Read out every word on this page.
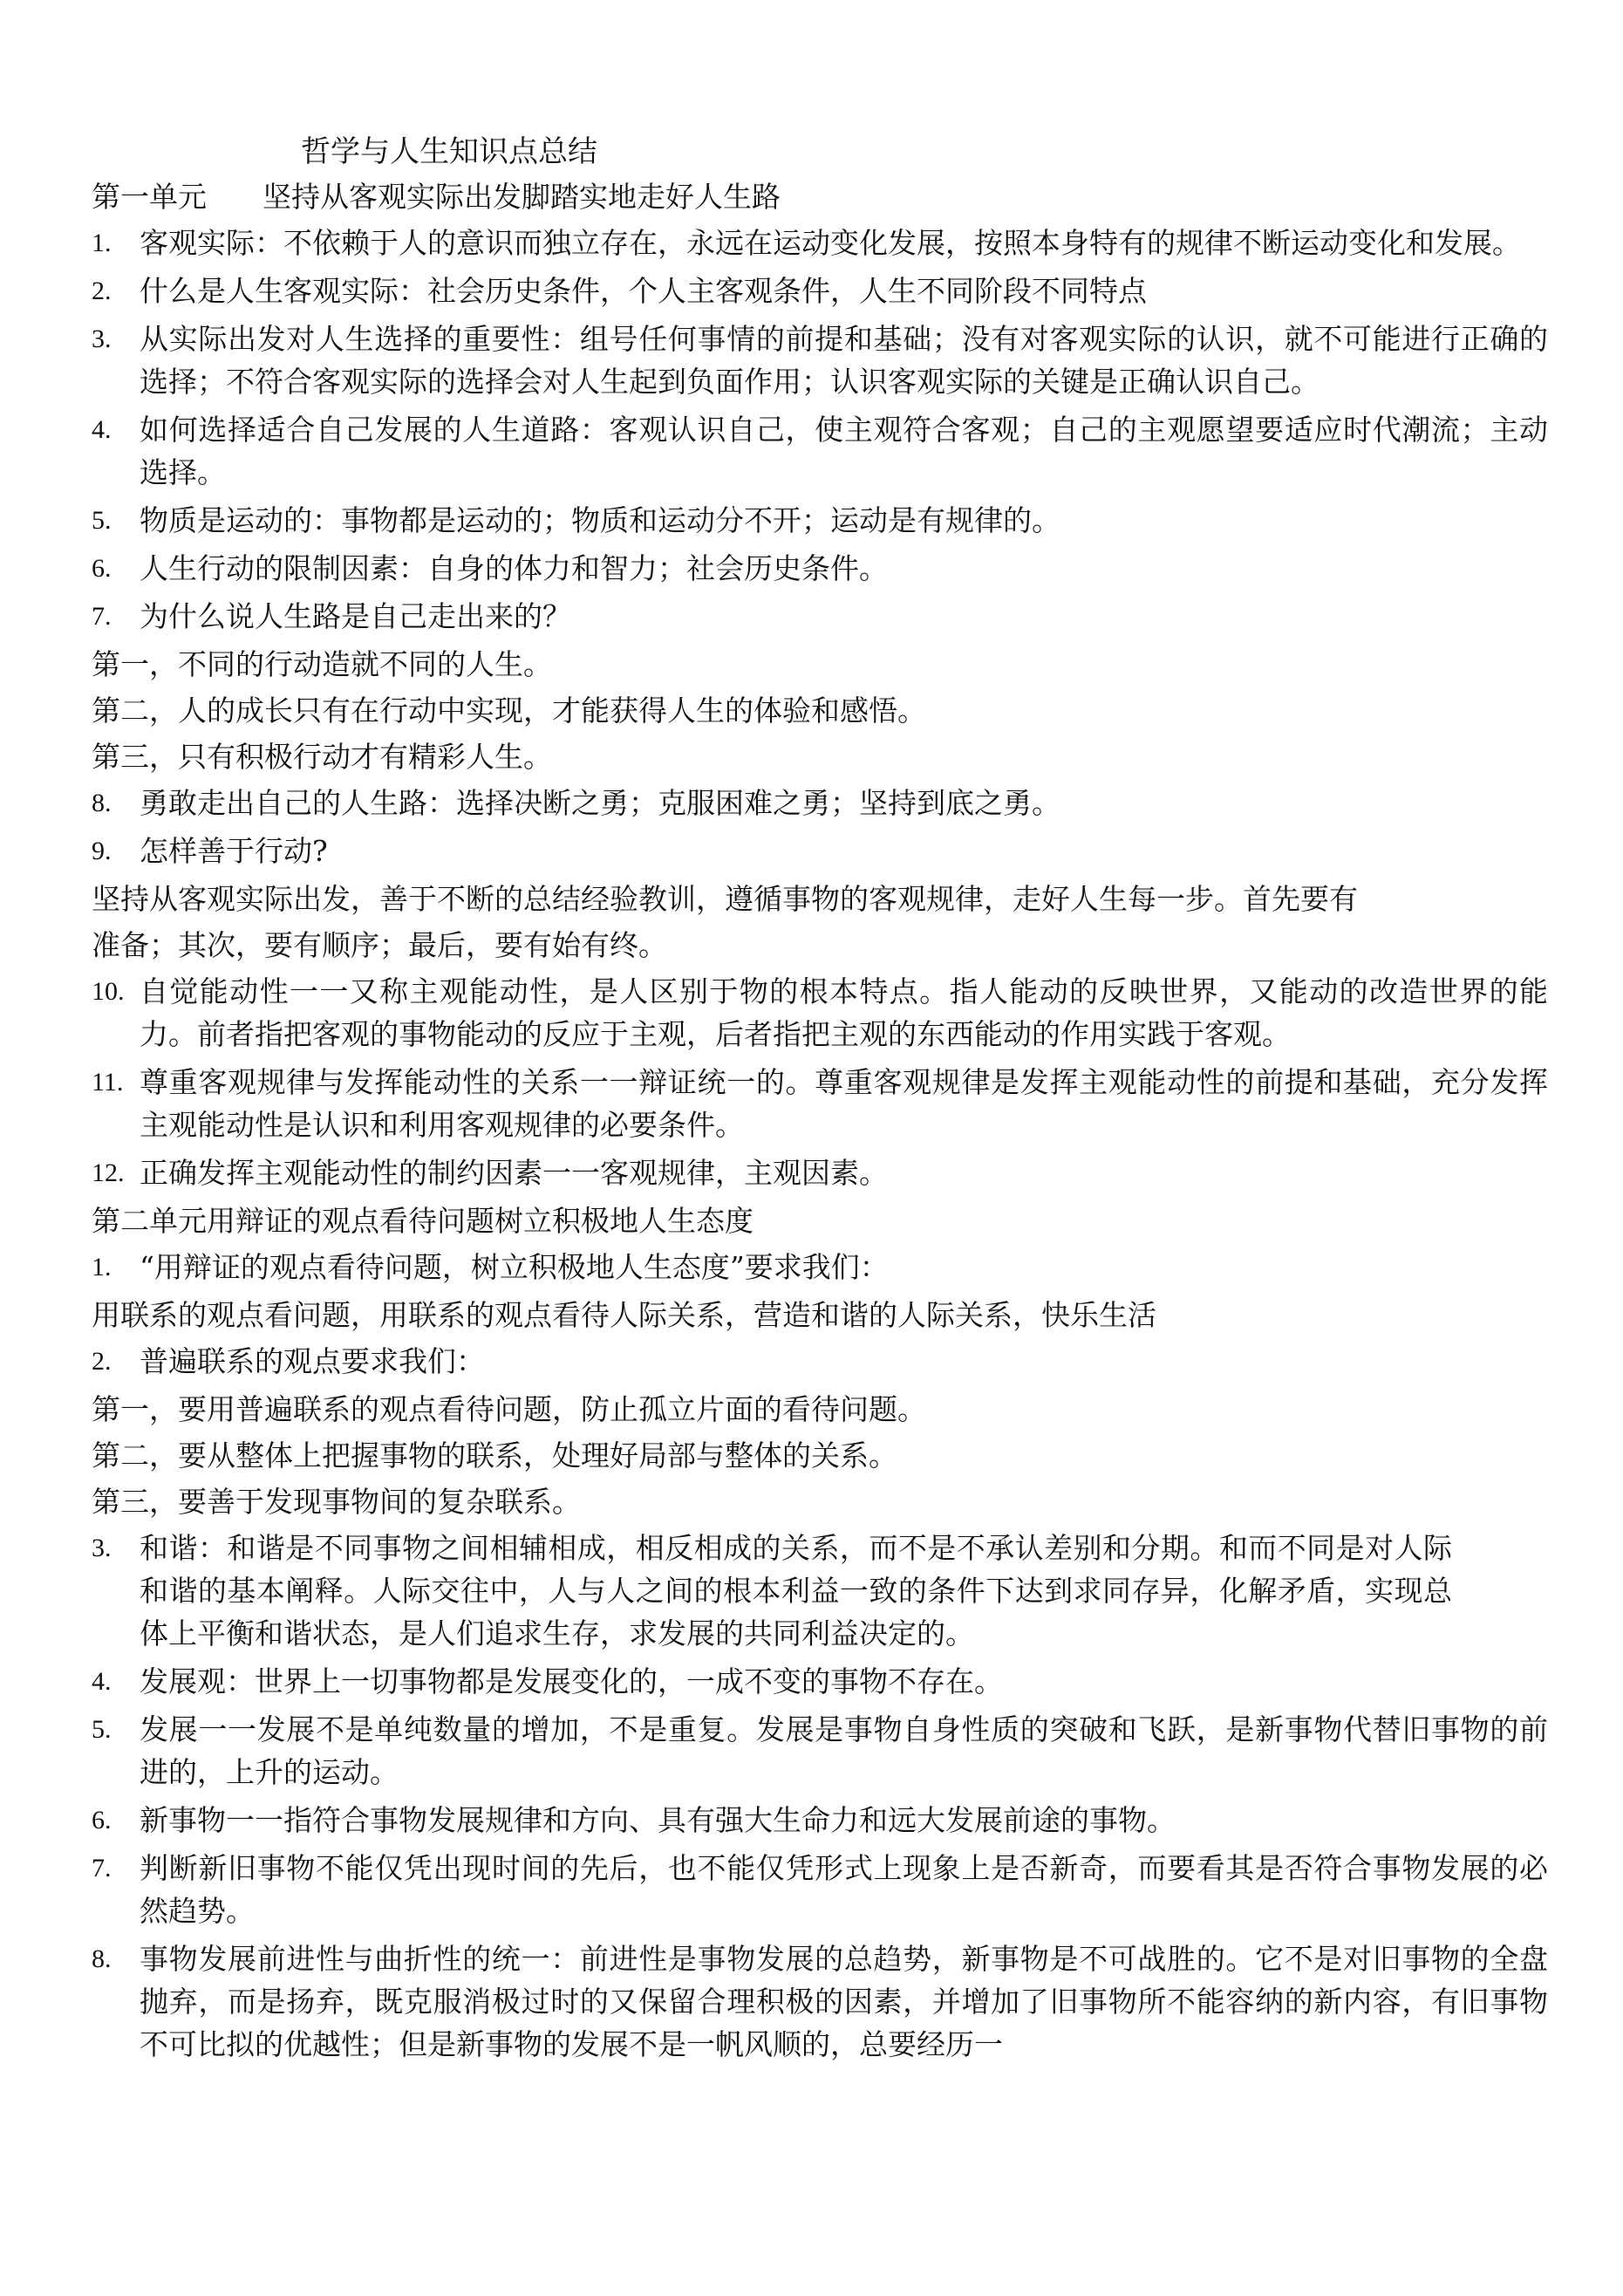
哲学与人生知识点总结
第一单元 坚持从客观实际出发脚踏实地走好人生路
1. 客观实际：不依赖于人的意识而独立存在，永远在运动变化发展，按照本身特有的规律不断运动变化和发展。
2. 什么是人生客观实际：社会历史条件，个人主客观条件，人生不同阶段不同特点
3. 从实际出发对人生选择的重要性：组号任何事情的前提和基础；没有对客观实际的认识，就不可能进行正确的选择；不符合客观实际的选择会对人生起到负面作用；认识客观实际的关键是正确认识自己。
4. 如何选择适合自己发展的人生道路：客观认识自己，使主观符合客观；自己的主观愿望要适应时代潮流；主动选择。
5. 物质是运动的：事物都是运动的；物质和运动分不开；运动是有规律的。
6. 人生行动的限制因素：自身的体力和智力；社会历史条件。
7. 为什么说人生路是自己走出来的？
第一，不同的行动造就不同的人生。
第二，人的成长只有在行动中实现，才能获得人生的体验和感悟。
第三，只有积极行动才有精彩人生。
8. 勇敢走出自己的人生路：选择决断之勇；克服困难之勇；坚持到底之勇。
9. 怎样善于行动?
坚持从客观实际出发，善于不断的总结经验教训，遵循事物的客观规律，走好人生每一步。首先要有
准备；其次，要有顺序；最后，要有始有终。
10. 自觉能动性一一又称主观能动性，是人区别于物的根本特点。指人能动的反映世界，又能动的改造世界的能力。前者指把客观的事物能动的反应于主观，后者指把主观的东西能动的作用实践于客观。
11. 尊重客观规律与发挥能动性的关系一一辩证统一的。尊重客观规律是发挥主观能动性的前提和基础，充分发挥主观能动性是认识和利用客观规律的必要条件。
12. 正确发挥主观能动性的制约因素一一客观规律，主观因素。
第二单元用辩证的观点看待问题树立积极地人生态度
1. “用辩证的观点看待问题，树立积极地人生态度”要求我们：
用联系的观点看问题，用联系的观点看待人际关系，营造和谐的人际关系，快乐生活
2. 普遍联系的观点要求我们：
第一，要用普遍联系的观点看待问题，防止孤立片面的看待问题。
第二，要从整体上把握事物的联系，处理好局部与整体的关系。
第三，要善于发现事物间的复杂联系。
3. 和谐：和谐是不同事物之间相辅相成，相反相成的关系，而不是不承认差别和分期。和而不同是对人际和谐的基本阐释。人际交往中，人与人之间的根本利益一致的条件下达到求同存异，化解矛盾，实现总体上平衡和谐状态，是人们追求生存，求发展的共同利益决定的。
4. 发展观：世界上一切事物都是发展变化的，一成不变的事物不存在。
5. 发展一一发展不是单纯数量的增加，不是重复。发展是事物自身性质的突破和飞跃，是新事物代替旧事物的前进的，上升的运动。
6. 新事物一一指符合事物发展规律和方向、具有强大生命力和远大发展前途的事物。
7. 判断新旧事物不能仅凭出现时间的先后，也不能仅凭形式上现象上是否新奇，而要看其是否符合事物发展的必然趋势。
8. 事物发展前进性与曲折性的统一：前进性是事物发展的总趋势，新事物是不可战胜的。它不是对旧事物的全盘抛弃，而是扬弃，既克服消极过时的又保留合理积极的因素，并增加了旧事物所不能容纳的新内容，有旧事物不可比拟的优越性；但是新事物的发展不是一帆风顺的，总要经历一
